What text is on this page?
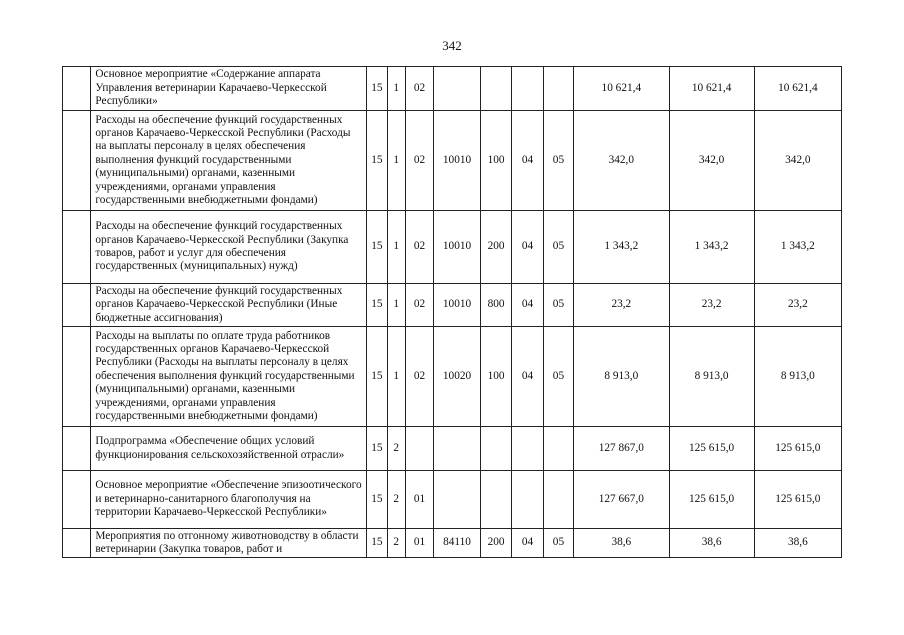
342
	Основное мероприятие «Содержание аппарата Управления ветеринарии Карачаево-Черкесской Республики»	15	1	02					10 621,4	10 621,4	10 621,4
	Расходы на обеспечение функций государственных органов Карачаево-Черкесской Республики (Расходы на выплаты персоналу в целях обеспечения выполнения функций государственными (муниципальными) органами, казенными учреждениями, органами управления государственными внебюджетными фондами)	15	1	02	10010	100	04	05	342,0	342,0	342,0
	Расходы на обеспечение функций государственных органов Карачаево-Черкесской Республики (Закупка товаров, работ и услуг для обеспечения государственных (муниципальных) нужд)	15	1	02	10010	200	04	05	1 343,2	1 343,2	1 343,2
	Расходы на обеспечение функций государственных органов Карачаево-Черкесской Республики (Иные бюджетные ассигнования)	15	1	02	10010	800	04	05	23,2	23,2	23,2
	Расходы на выплаты по оплате труда работников государственных органов Карачаево-Черкесской Республики (Расходы на выплаты персоналу в целях обеспечения выполнения функций государственными (муниципальными) органами, казенными учреждениями, органами управления государственными внебюджетными фондами)	15	1	02	10020	100	04	05	8 913,0	8 913,0	8 913,0
	Подпрограмма «Обеспечение общих условий функционирования сельскохозяйственной отрасли»	15	2						127 867,0	125 615,0	125 615,0
	Основное мероприятие «Обеспечение эпизоотического и ветеринарно-санитарного благополучия на территории Карачаево-Черкесской Республики»	15	2	01					127 667,0	125 615,0	125 615,0
	Мероприятия по отгонному животноводству в области ветеринарии (Закупка товаров, работ и	15	2	01	84110	200	04	05	38,6	38,6	38,6
